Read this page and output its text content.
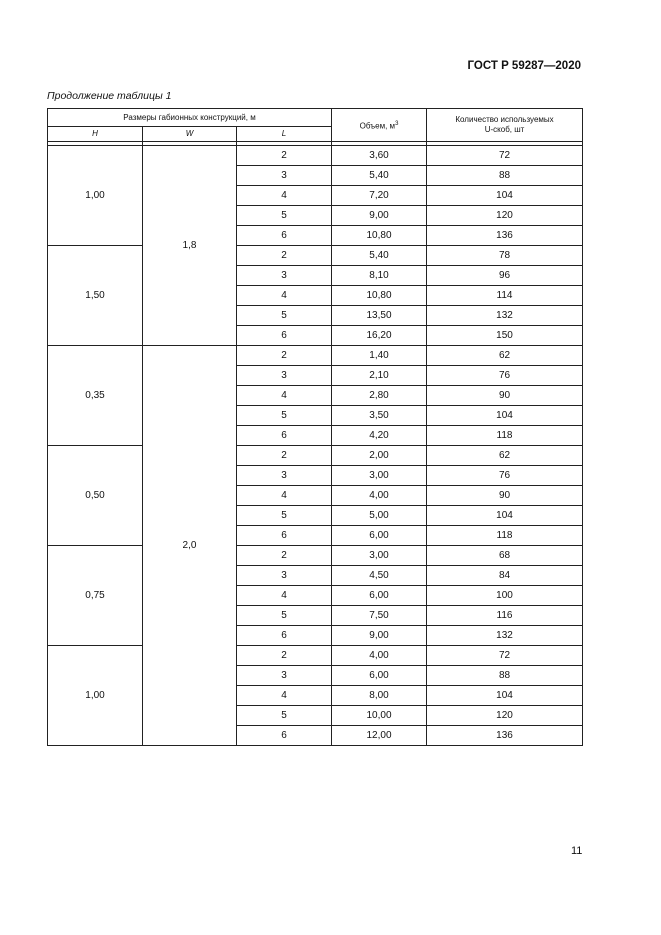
ГОСТ Р 59287—2020
Продолжение таблицы 1
Размеры габионных конструкций, м			Объем, $м^3$	Количество используемых
U-скоб, шт
H	W	L		

1,00	1,8	2	3,60	72
		3	5,40	88
		4	7,20	104
		5	9,00	120
		6	10,80	136
1,50		2	5,40	78
		3	8,10	96
		4	10,80	114
		5	13,50	132
		6	16,20	150
0,35	2,0	2	1,40	62
		3	2,10	76
		4	2,80	90
		5	3,50	104
		6	4,20	118
0,50		2	2,00	62
		3	3,00	76
		4	4,00	90
		5	5,00	104
		6	6,00	118
0,75		2	3,00	68
		3	4,50	84
		4	6,00	100
		5	7,50	116
		6	9,00	132
1,00		2	4,00	72
		3	6,00	88
		4	8,00	104
		5	10,00	120
		6	12,00	136
11
